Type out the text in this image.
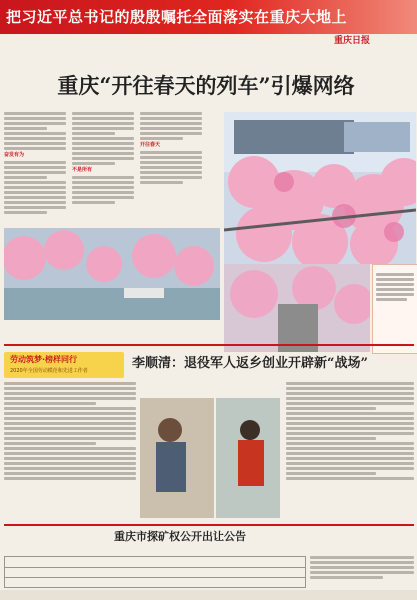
把习近平总书记的殷殷嘱托全面落实在重庆大地上
重庆日报
重庆“开往春天的列车”引爆网络
奋发有为
不是所有
开往春天
劳动筑梦·榜样同行
2020年全国劳动模范和先进工作者	李顺清：退役军人返乡创业开辟新“战场”
重庆市探矿权公开出让公告
